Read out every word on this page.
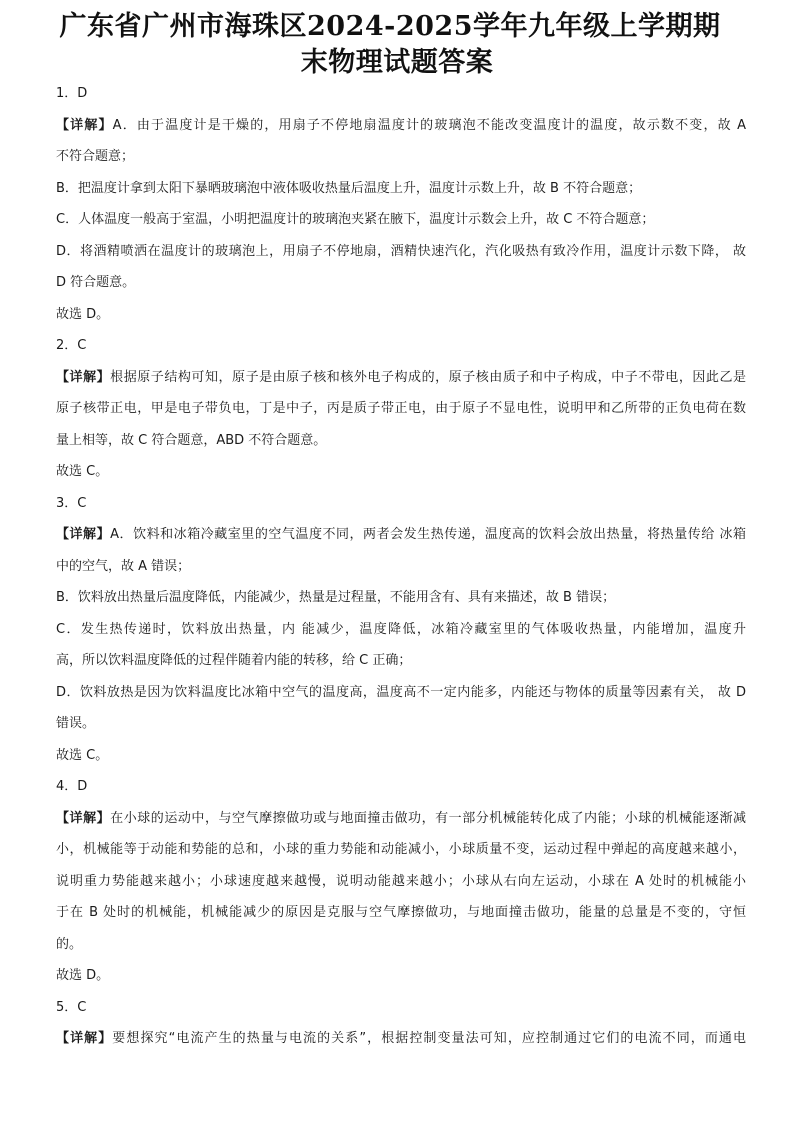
广东省广州市海珠区2024-2025学年九年级上学期期
末物理试题答案
1．D
【详解】A．由于温度计是干燥的，用扇子不停地扇温度计的玻璃泡不能改变温度计的温度，故示数不变，故 A
不符合题意；
B．把温度计拿到太阳下暴晒玻璃泡中液体吸收热量后温度上升，温度计示数上升，故 B 不符合题意；
C．人体温度一般高于室温，小明把温度计的玻璃泡夹紧在腋下，温度计示数会上升，故 C 不符合题意；
D．将酒精喷洒在温度计的玻璃泡上，用扇子不停地扇，酒精快速汽化，汽化吸热有致冷作用，温度计示数下降， 故
D 符合题意。
故选 D。
2．C
【详解】根据原子结构可知，原子是由原子核和核外电子构成的，原子核由质子和中子构成，中子不带电，因此乙是
原子核带正电，甲是电子带负电，丁是中子，丙是质子带正电，由于原子不显电性，说明甲和乙所带的正负电荷在数
量上相等，故 C 符合题意，ABD 不符合题意。
故选 C。
3．C
【详解】A．饮料和冰箱冷藏室里的空气温度不同，两者会发生热传递，温度高的饮料会放出热量，将热量传给 冰箱
中的空气，故 A 错误；
B．饮料放出热量后温度降低，内能减少，热量是过程量，不能用含有、具有来描述，故 B 错误；
C．发生热传递时，饮料放出热量，内 能减少，温度降低，冰箱冷藏室里的气体吸收热量，内能增加，温度升
高，所以饮料温度降低的过程伴随着内能的转移，给 C 正确；
D．饮料放热是因为饮料温度比冰箱中空气的温度高，温度高不一定内能多，内能还与物体的质量等因素有关， 故 D
错误。
故选 C。
4．D
【详解】在小球的运动中，与空气摩擦做功或与地面撞击做功，有一部分机械能转化成了内能；小球的机械能逐渐减
小，机械能等于动能和势能的总和，小球的重力势能和动能减小，小球质量不变，运动过程中弹起的高度越来越小，
说明重力势能越来越小；小球速度越来越慢，说明动能越来越小；小球从右向左运动，小球在 A 处时的机械能小
于在 B 处时的机械能，机械能减少的原因是克服与空气摩擦做功，与地面撞击做功，能量的总量是不变的，守恒
的。
故选 D。
5．C
【详解】要想探究“电流产生的热量与电流的关系”，根据控制变量法可知，应控制通过它们的电流不同，而通电
